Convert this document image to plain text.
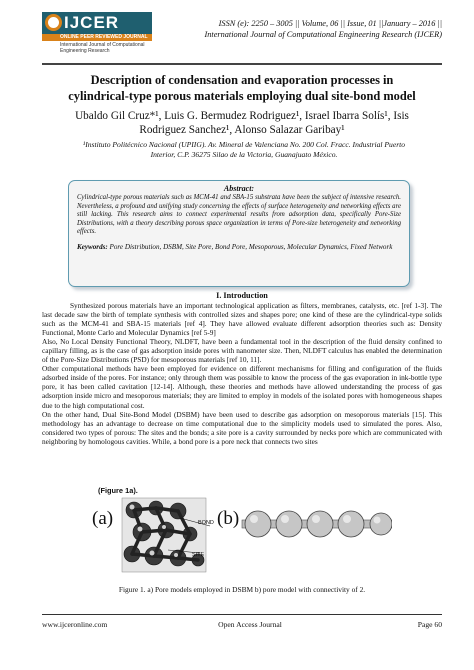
IJCER
ONLINE PEER REVIEWED JOURNAL
International Journal of Computational Engineering Research
ISSN (e): 2250 – 3005 || Volume, 06 || Issue, 01 ||January – 2016 ||
International Journal of Computational Engineering Research (IJCER)
Description of condensation and evaporation processes in
cylindrical-type porous materials employing dual site-bond model
Ubaldo Gil Cruz*¹, Luis G. Bermudez Rodriguez¹, Israel Ibarra Solís¹, Isis
Rodriguez Sanchez¹, Alonso Salazar Garibay¹
¹Instituto Politécnico Nacional (UPIIG). Av. Mineral de Valenciana No. 200 Col. Fracc. Industrial Puerto
Interior, C.P. 36275 Silao de la Victoria, Guanajuato México.
Abstract:
Cylindrical-type porous materials such as MCM-41 and SBA-15 substrata have been the subject of intensive research. Nevertheless, a profound and unifying study concerning the effects of surface heterogeneity and networking effects are still lacking. This research aims to connect experimental results from adsorption data, specifically Pore-Size Distributions, with a theory describing porous space organization in terms of Pore-size heterogeneity and networking effects.
Keywords: Pore Distribution, DSBM, Site Pore, Bond Pore, Mesoporous, Molecular Dynamics, Fixed Network
I. Introduction

Synthesized porous materials have an important technological application as filters, membranes, catalysts, etc. [ref 1-3]. The last decade saw the birth of template synthesis with controlled sizes and shapes pore; one kind of these are the cylindrical-type solids such as the MCM-41 and SBA-15 materials [ref 4]. They have allowed evaluate different adsorption theories such as: Density Functional, Monte Carlo and Molecular Dynamics [ref 5-9]

Also, No Local Density Functional Theory, NLDFT, have been a fundamental tool in the description of the fluid density confined to capillary filling, as is the case of gas adsorption inside pores with nanometer size. Then, NLDFT calculus has enabled the determination of the Pore-Size Distributions (PSD) for mesoporous materials [ref 10, 11].

Other computational methods have been employed for evidence on different mechanisms for filling and configuration of the fluids adsorbed inside of the pores. For instance; only through them was possible to know the process of the gas evaporation in ink-bottle type pore, it has been called cavitation [12-14]. Although, these theories and methods have allowed understanding the process of gas adsorption inside micro and mesoporous materials; they are limited to employ in models of the isolated pores with homogeneous shapes due to the high computational cost.

On the other hand, Dual Site-Bond Model (DSBM) have been used to describe gas adsorption on mesoporous materials [15]. This methodology has an advantage to decrease on time computational due to the simplicity models used to simulated the pores. Also, considered two types of porous: The sites and the bonds; a site pore is a cavity surrounded by necks pore which are communicated with neighboring by homologous cavities. While, a bond pore is a pore neck that connects two sites

(Figure 1a).
(a)	BOND
SITE
(b)
Figure 1. a) Pore models employed in DSBM b) pore model with connectivity of 2.
www.ijceronline.com	Open Access Journal	Page 60
